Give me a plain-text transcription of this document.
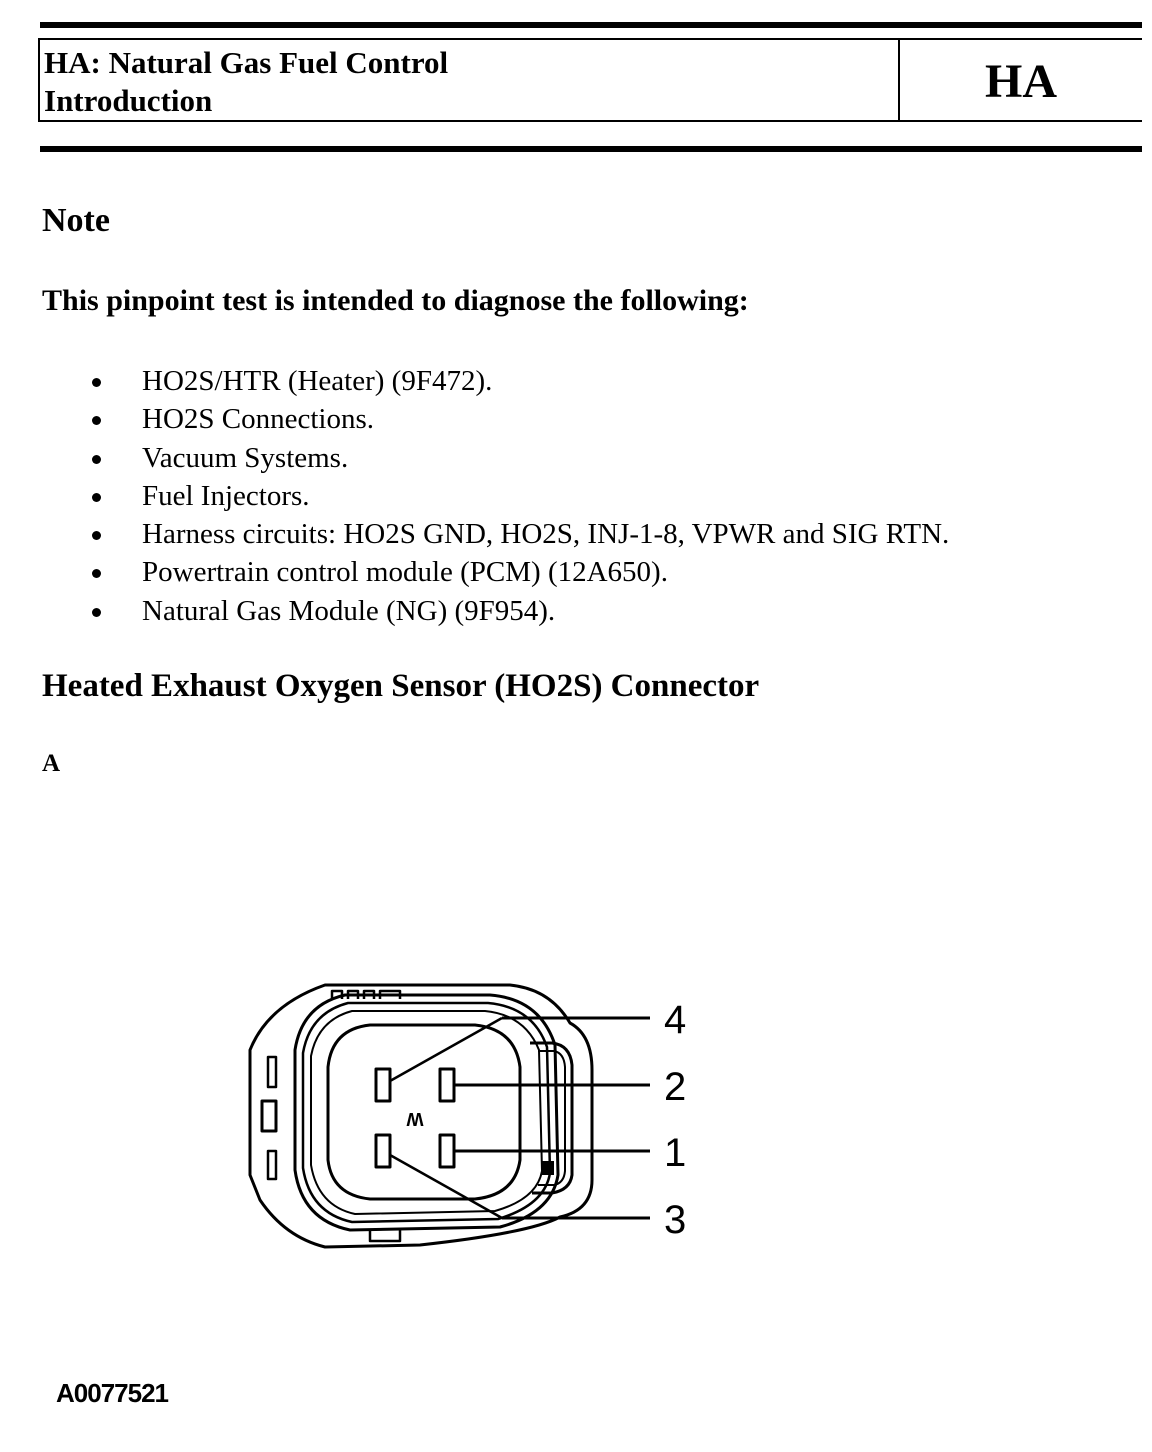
HA: Natural Gas Fuel Control
Introduction	HA
Note
This pinpoint test is intended to diagnose the following:
HO2S/HTR (Heater) (9F472).
HO2S Connections.
Vacuum Systems.
Fuel Injectors.
Harness circuits: HO2S GND, HO2S, INJ-1-8, VPWR and SIG RTN.
Powertrain control module (PCM) (12A650).
Natural Gas Module (NG) (9F954).
Heated Exhaust Oxygen Sensor (HO2S) Connector
A
W
4
2
1
3
A0077521
